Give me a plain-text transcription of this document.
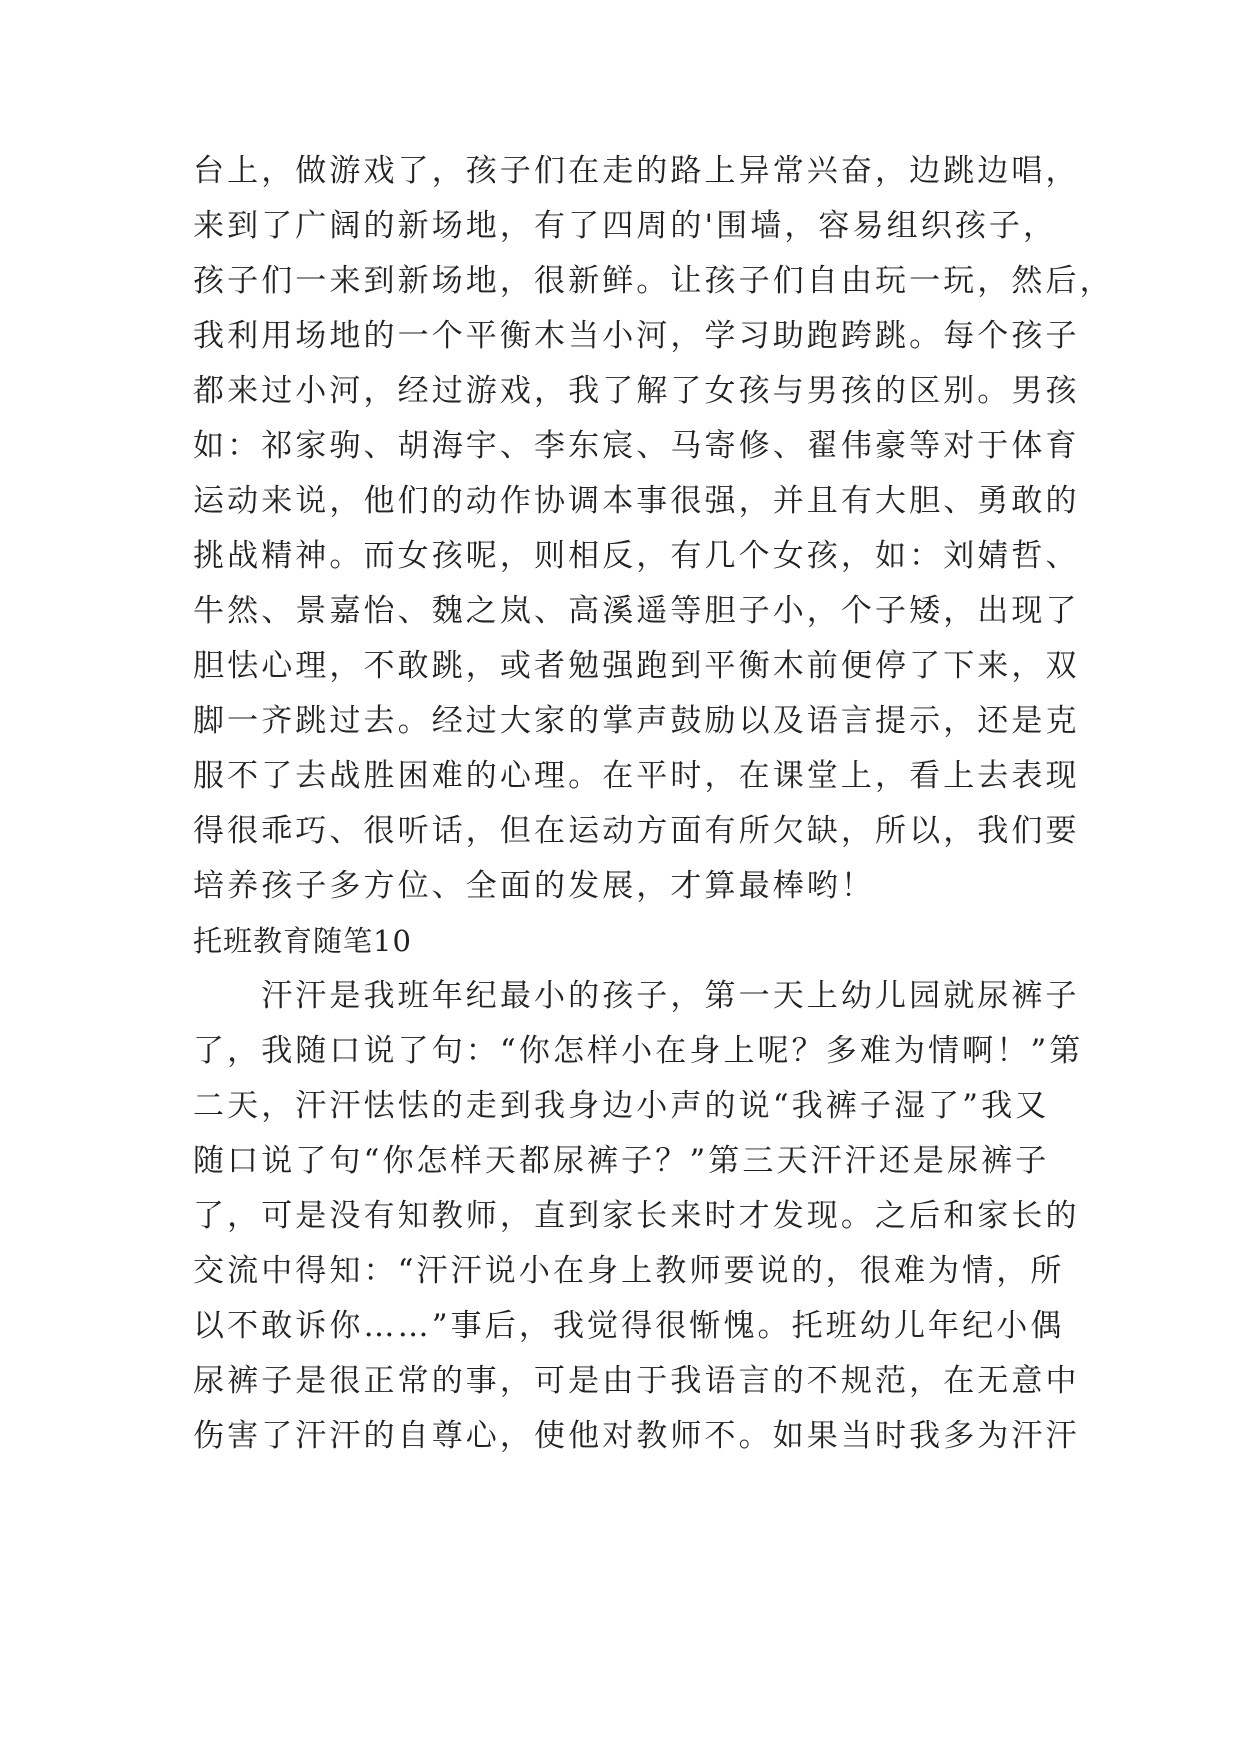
台上，做游戏了，孩子们在走的路上异常兴奋，边跳边唱，
来到了广阔的新场地，有了四周的'围墙，容易组织孩子，
孩子们一来到新场地，很新鲜。让孩子们自由玩一玩，然后，
我利用场地的一个平衡木当小河，学习助跑跨跳。每个孩子
都来过小河，经过游戏，我了解了女孩与男孩的区别。男孩
如：祁家驹、胡海宇、李东宸、马寄修、翟伟豪等对于体育
运动来说，他们的动作协调本事很强，并且有大胆、勇敢的
挑战精神。而女孩呢，则相反，有几个女孩，如：刘婧哲、
牛然、景嘉怡、魏之岚、高溪遥等胆子小，个子矮，出现了
胆怯心理，不敢跳，或者勉强跑到平衡木前便停了下来，双
脚一齐跳过去。经过大家的掌声鼓励以及语言提示，还是克
服不了去战胜困难的心理。在平时，在课堂上，看上去表现
得很乖巧、很听话，但在运动方面有所欠缺，所以，我们要
培养孩子多方位、全面的发展，才算最棒哟！
托班教育随笔10
　　汗汗是我班年纪最小的孩子，第一天上幼儿园就尿裤子
了，我随口说了句：“你怎样小在身上呢？多难为情啊！”第
二天，汗汗怯怯的走到我身边小声的说“我裤子湿了”我又
随口说了句“你怎样天都尿裤子？”第三天汗汗还是尿裤子
了，可是没有知教师，直到家长来时才发现。之后和家长的
交流中得知：“汗汗说小在身上教师要说的，很难为情，所
以不敢诉你……”事后，我觉得很惭愧。托班幼儿年纪小偶
尿裤子是很正常的事，可是由于我语言的不规范，在无意中
伤害了汗汗的自尊心，使他对教师不。如果当时我多为汗汗
